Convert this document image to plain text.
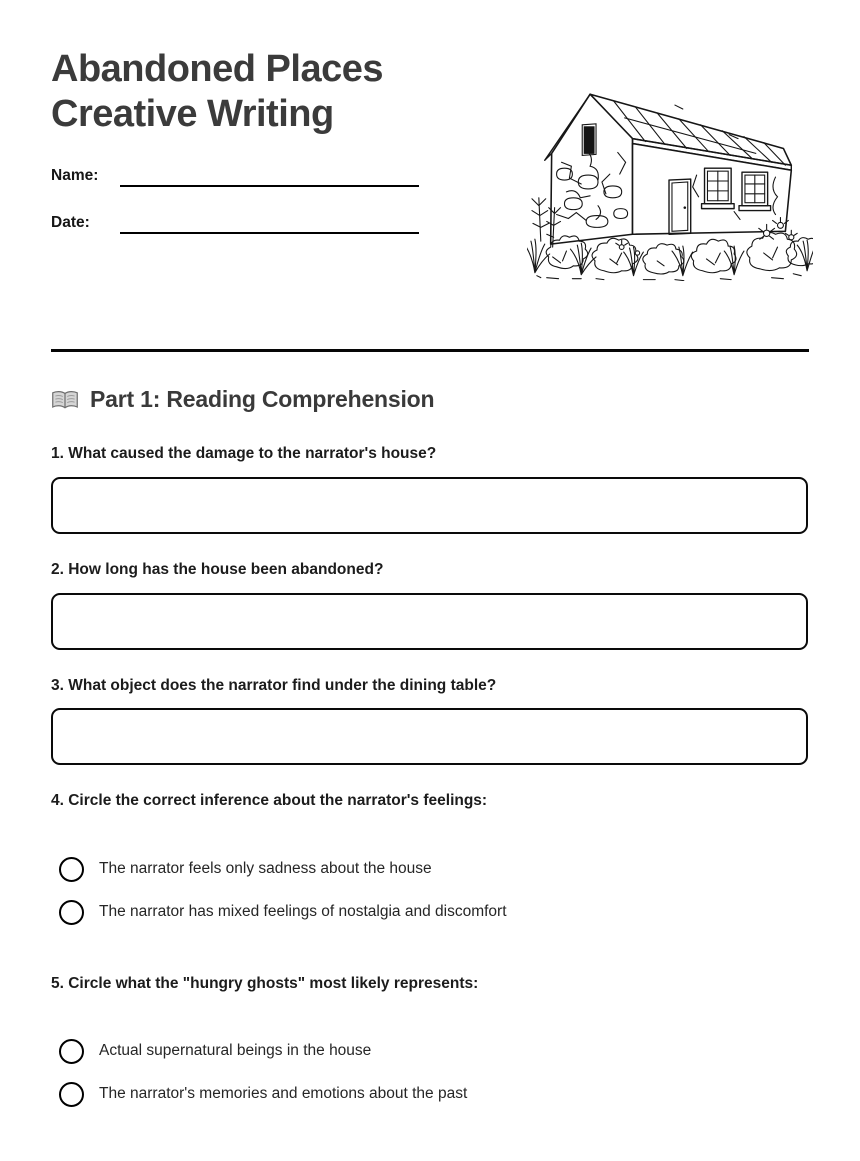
Abandoned Places Creative Writing
Name:
Date:
Part 1: Reading Comprehension
1. What caused the damage to the narrator's house?
2. How long has the house been abandoned?
3. What object does the narrator find under the dining table?
4. Circle the correct inference about the narrator's feelings:
The narrator feels only sadness about the house
The narrator has mixed feelings of nostalgia and discomfort
5. Circle what the "hungry ghosts" most likely represents:
Actual supernatural beings in the house
The narrator's memories and emotions about the past
